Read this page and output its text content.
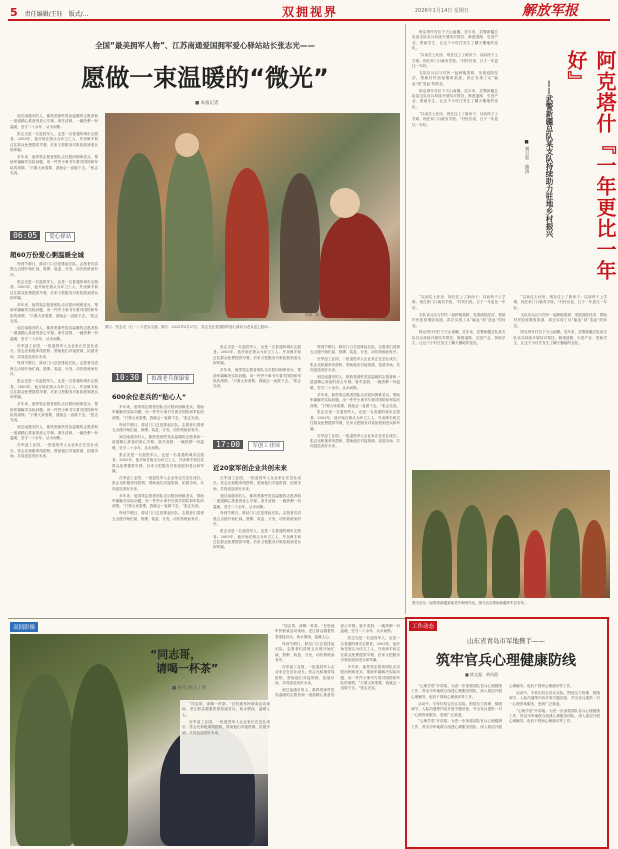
5 责任编辑/王钰　版式/…	双拥视界	2026年1月14日 星期日	解放军报
全国“最美拥军人物”、江苏南通爱国拥军爱心驿站站长张志光——
愿做一束温暖的“微光”
■ 本报记者

到过南通市的人，都熟悉那些笑容温暖的志愿者和一道道精心准备的爱心早餐。寒冬清晨，一碗热粥一份温暖，坚守二十余年，从未间断。

张志光是一名退役军人，也是一名普通的城市志愿者。2003年，他开始在街头为环卫工人、外卖骑手和过往群众免费提供早餐，后来又把服务对象拓展到老兵和军属。

多年来，他带领志愿者团队走访慰问困难老兵、帮助军属解决实际问题，用一件件小事书写着对国防和军队的深情。“只要大家需要，我就会一直做下去。”张志光说。

06:05 爱心驿站
超60万份爱心粥温暖全城

每到节假日，驿站门口总是排起长队。志愿者们清晨五点便开始忙碌，熬粥、装盒、分发，动作熟练而有序。

张志光是一名退役军人，也是一名普通的城市志愿者。2003年，他开始在街头为环卫工人、外卖骑手和过往群众免费提供早餐，后来又把服务对象拓展到老兵和军属。

多年来，他带领志愿者团队走访慰问困难老兵、帮助军属解决实际问题，用一件件小事书写着对国防和军队的深情。“只要大家需要，我就会一直做下去。”张志光说。

到过南通市的人，都熟悉那些笑容温暖的志愿者和一道道精心准备的爱心早餐。寒冬清晨，一碗热粥一份温暖，坚守二十余年，从未间断。

在军创工业园，一批退役军人企业家正在茁壮成长。张志光积极牵线搭桥，帮助他们对接资源、拓展市场，共同创造美好未来。

每到节假日，驿站门口总是排起长队。志愿者们清晨五点便开始忙碌，熬粥、装盒、分发，动作熟练而有序。

张志光是一名退役军人，也是一名普通的城市志愿者。2003年，他开始在街头为环卫工人、外卖骑手和过往群众免费提供早餐，后来又把服务对象拓展到老兵和军属。

多年来，他带领志愿者团队走访慰问困难老兵、帮助军属解决实际问题，用一件件小事书写着对国防和军队的深情。“只要大家需要，我就会一直做下去。”张志光说。

到过南通市的人，都熟悉那些笑容温暖的志愿者和一道道精心准备的爱心早餐。寒冬清晨，一碗热粥一份温暖，坚守二十余年，从未间断。

在军创工业园，一批退役军人企业家正在茁壮成长。张志光积极牵线搭桥，帮助他们对接资源、拓展市场，共同创造美好未来。

供图：周 强
图①：张志光（右一）与老兵交流。图②：2023年5月27日，张志光在爱国拥军爱心驿站为老兵送上慰问…
10:30 拟战老兵探康家
600余位老兵的“贴心人”

多年来，他带领志愿者团队走访慰问困难老兵、帮助军属解决实际问题，用一件件小事书写着对国防和军队的深情。“只要大家需要，我就会一直做下去。”张志光说。

每到节假日，驿站门口总是排起长队。志愿者们清晨五点便开始忙碌，熬粥、装盒、分发，动作熟练而有序。

到过南通市的人，都熟悉那些笑容温暖的志愿者和一道道精心准备的爱心早餐。寒冬清晨，一碗热粥一份温暖，坚守二十余年，从未间断。

张志光是一名退役军人，也是一名普通的城市志愿者。2003年，他开始在街头为环卫工人、外卖骑手和过往群众免费提供早餐，后来又把服务对象拓展到老兵和军属。

在军创工业园，一批退役军人企业家正在茁壮成长。张志光积极牵线搭桥，帮助他们对接资源、拓展市场，共同创造美好未来。

多年来，他带领志愿者团队走访慰问困难老兵、帮助军属解决实际问题，用一件件小事书写着对国防和军队的深情。“只要大家需要，我就会一直做下去。”张志光说。

每到节假日，驿站门口总是排起长队。志愿者们清晨五点便开始忙碌，熬粥、装盒、分发，动作熟练而有序。

张志光是一名退役军人，也是一名普通的城市志愿者。2003年，他开始在街头为环卫工人、外卖骑手和过往群众免费提供早餐，后来又把服务对象拓展到老兵和军属。

多年来，他带领志愿者团队走访慰问困难老兵、帮助军属解决实际问题，用一件件小事书写着对国防和军队的深情。“只要大家需要，我就会一直做下去。”张志光说。

17:00 军创工业园
近20家军创企业共创未来

在军创工业园，一批退役军人企业家正在茁壮成长。张志光积极牵线搭桥，帮助他们对接资源、拓展市场，共同创造美好未来。

到过南通市的人，都熟悉那些笑容温暖的志愿者和一道道精心准备的爱心早餐。寒冬清晨，一碗热粥一份温暖，坚守二十余年，从未间断。

每到节假日，驿站门口总是排起长队。志愿者们清晨五点便开始忙碌，熬粥、装盒、分发，动作熟练而有序。

张志光是一名退役军人，也是一名普通的城市志愿者。2003年，他开始在街头为环卫工人、外卖骑手和过往群众免费提供早餐，后来又把服务对象拓展到老兵和军属。

每到节假日，驿站门口总是排起长队。志愿者们清晨五点便开始忙碌，熬粥、装盒、分发，动作熟练而有序。

在军创工业园，一批退役军人企业家正在茁壮成长。张志光积极牵线搭桥，帮助他们对接资源、拓展市场，共同创造美好未来。

到过南通市的人，都熟悉那些笑容温暖的志愿者和一道道精心准备的爱心早餐。寒冬清晨，一碗热粥一份温暖，坚守二十余年，从未间断。

多年来，他带领志愿者团队走访慰问困难老兵、帮助军属解决实际问题，用一件件小事书写着对国防和军队的深情。“只要大家需要，我就会一直做下去。”张志光说。

张志光是一名退役军人，也是一名普通的城市志愿者。2003年，他开始在街头为环卫工人、外卖骑手和过往群众免费提供早餐，后来又把服务对象拓展到老兵和军属。

在军创工业园，一批退役军人企业家正在茁壮成长。张志光积极牵线搭桥，帮助他们对接资源、拓展市场，共同创造美好未来。

阿克塔什村位于天山南麓。近年来，武警新疆总队某支队官兵持续开展结对帮扶，修建道路、引进产业、资助学生，让这个小村庄发生了翻天覆地的变化。

“以前住土坯房，现在住上了新房子；以前孩子上学难，现在家门口就有学校。”村民们说，日子一年更比一年好。

支队官兵还与村民一起种植果树、发展庭院经济，帮助村民拓宽增收渠道，真正实现了从“输血”到“造血”的转变。

阿克塔什村位于天山南麓。近年来，武警新疆总队某支队官兵持续开展结对帮扶，修建道路、引进产业、资助学生，让这个小村庄发生了翻天覆地的变化。

“以前住土坯房，现在住上了新房子；以前孩子上学难，现在家门口就有学校。”村民们说，日子一年更比一年好。	阿克塔什『一年更比一年好』
——武警新疆总队某支队持续助力驻地乡村振兴
■ 刘云东　唐涛

“以前住土坯房，现在住上了新房子；以前孩子上学难，现在家门口就有学校。”村民们说，日子一年更比一年好。

支队官兵还与村民一起种植果树、发展庭院经济，帮助村民拓宽增收渠道，真正实现了从“输血”到“造血”的转变。

阿克塔什村位于天山南麓。近年来，武警新疆总队某支队官兵持续开展结对帮扶，修建道路、引进产业、资助学生，让这个小村庄发生了翻天覆地的变化。

“以前住土坯房，现在住上了新房子；以前孩子上学难，现在家门口就有学校。”村民们说，日子一年更比一年好。

支队官兵还与村民一起种植果树、发展庭院经济，帮助村民拓宽增收渠道，真正实现了从“输血”到“造血”的转变。

阿克塔什村位于天山南麓。近年来，武警新疆总队某支队官兵持续开展结对帮扶，修建道路、引进产业、资助学生，让这个小村庄发生了翻天覆地的变化。

图为官兵一起察看新疆某地老乡刺绣作品。图为官兵帮助新疆库车县有机…
双拥影像
“同志哥，
请喝一杯茶”
■ 杨光 顾文 / 图

“同志哥，请喝一杯茶。”在驻地军民联欢活动现场，老区群众端着热茶迎接官兵，鱼水情深，温暖人心。

在军创工业园，一批退役军人企业家正在茁壮成长。张志光积极牵线搭桥，帮助他们对接资源、拓展市场，共同创造美好未来。

“同志哥，请喝一杯茶。”在驻地军民联欢活动现场，老区群众端着热茶迎接官兵，鱼水情深，温暖人心。

每到节假日，驿站门口总是排起长队。志愿者们清晨五点便开始忙碌，熬粥、装盒、分发，动作熟练而有序。

在军创工业园，一批退役军人企业家正在茁壮成长。张志光积极牵线搭桥，帮助他们对接资源、拓展市场，共同创造美好未来。

到过南通市的人，都熟悉那些笑容温暖的志愿者和一道道精心准备的爱心早餐。寒冬清晨，一碗热粥一份温暖，坚守二十余年，从未间断。

张志光是一名退役军人，也是一名普通的城市志愿者。2003年，他开始在街头为环卫工人、外卖骑手和过往群众免费提供早餐，后来又把服务对象拓展到老兵和军属。

多年来，他带领志愿者团队走访慰问困难老兵、帮助军属解决实际问题，用一件件小事书写着对国防和军队的深情。“只要大家需要，我就会一直做下去。”张志光说。

工作动态
山东省青岛市军地携手——
筑牢官兵心理健康防线
■ 徐文超　黄凤霞

“心理学堂”开讲啦。为进一步加强部队官兵心理健康工作，青岛市军地联合组建心理服务团队，深入基层开展心理辅导、危机干预和心理测评等工作。

活动中，专家们结合官兵实际，围绕压力管理、情绪调节、人际沟通等内容开展专题讲座，并为官兵提供一对一心理咨询服务，受到广泛欢迎。

“心理学堂”开讲啦。为进一步加强部队官兵心理健康工作，青岛市军地联合组建心理服务团队，深入基层开展心理辅导、危机干预和心理测评等工作。

活动中，专家们结合官兵实际，围绕压力管理、情绪调节、人际沟通等内容开展专题讲座，并为官兵提供一对一心理咨询服务，受到广泛欢迎。

“心理学堂”开讲啦。为进一步加强部队官兵心理健康工作，青岛市军地联合组建心理服务团队，深入基层开展心理辅导、危机干预和心理测评等工作。
